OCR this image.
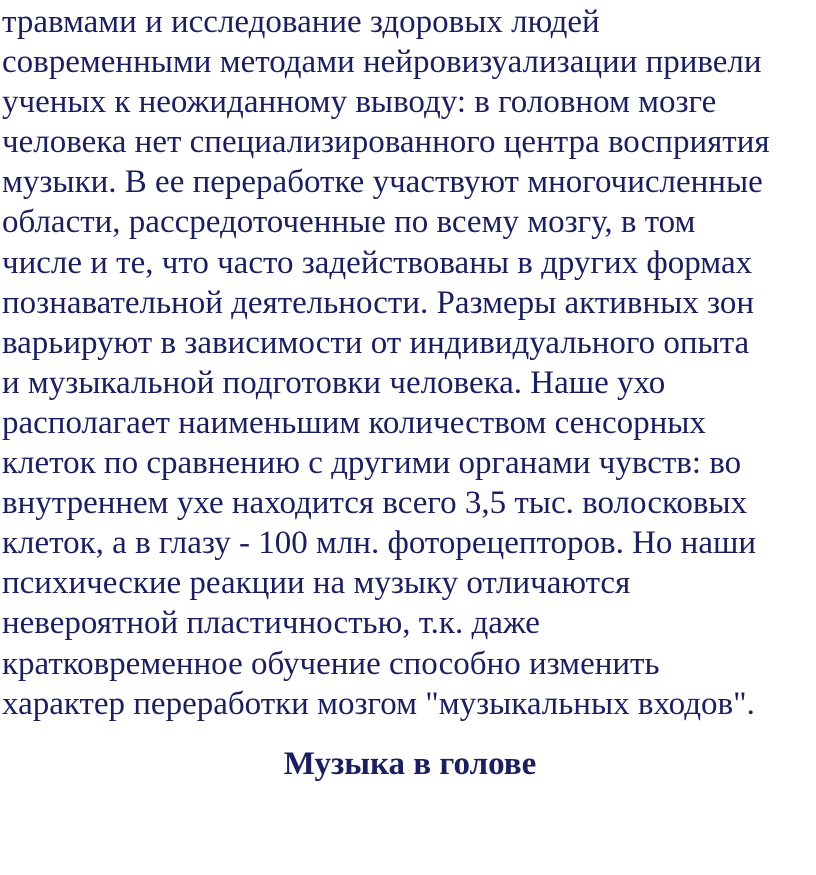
травмами и исследование здоровых людей
современными методами нейровизуализации привели
ученых к неожиданному выводу: в головном мозге
человека нет специализированного центра восприятия
музыки. В ее переработке участвуют многочисленные
области, рассредоточенные по всему мозгу, в том
числе и те, что часто задействованы в других формах
познавательной деятельности. Размеры активных зон
варьируют в зависимости от индивидуального опыта
и музыкальной подготовки человека. Наше ухо
располагает наименьшим количеством сенсорных
клеток по сравнению с другими органами чувств: во
внутреннем ухе находится всего 3,5 тыс. волосковых
клеток, а в глазу - 100 млн. фоторецепторов. Но наши
психические реакции на музыку отличаются
невероятной пластичностью, т.к. даже
кратковременное обучение способно изменить
характер переработки мозгом "музыкальных входов".
Музыка в голове
